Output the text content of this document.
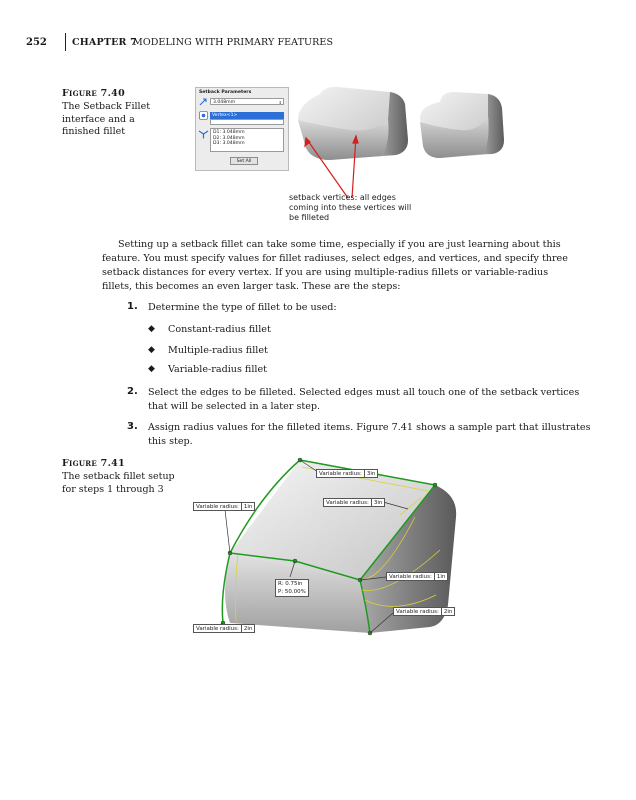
252	CHAPTER 7
MODELING WITH PRIMARY FEATURES
Figure 7.40
The Setback Fillet
interface and a
finished fillet
Setback Parameters
3.048mm	⇕
Vertex<1>
D1: 3.048mm
D2: 3.048mm
D3: 3.048mm
Set All
setback vertices: all edges
coming into these vertices will
be filleted
Setting up a setback fillet can take some time, especially if you are just learning about this
feature. You must specify values for fillet radiuses, select edges, and vertices, and specify three
setback distances for every vertex. If you are using multiple-radius fillets or variable-radius
fillets, this becomes an even larger task. These are the steps:
1. Determine the type of fillet to be used:
◆ Constant-radius fillet
◆ Multiple-radius fillet
◆ Variable-radius fillet
2. Select the edges to be filleted. Selected edges must all touch one of the setback vertices
that will be selected in a later step.
3. Assign radius values for the filleted items. Figure 7.41 shows a sample part that illustrates
this step.
Figure 7.41
The setback fillet setup
for steps 1 through 3
Variable radius: 3in
Variable radius: 3in
Variable radius: 1in
Variable radius: 1in
Variable radius: 2in
Variable radius: 2in
R: 0.75in
P: 50.00%
